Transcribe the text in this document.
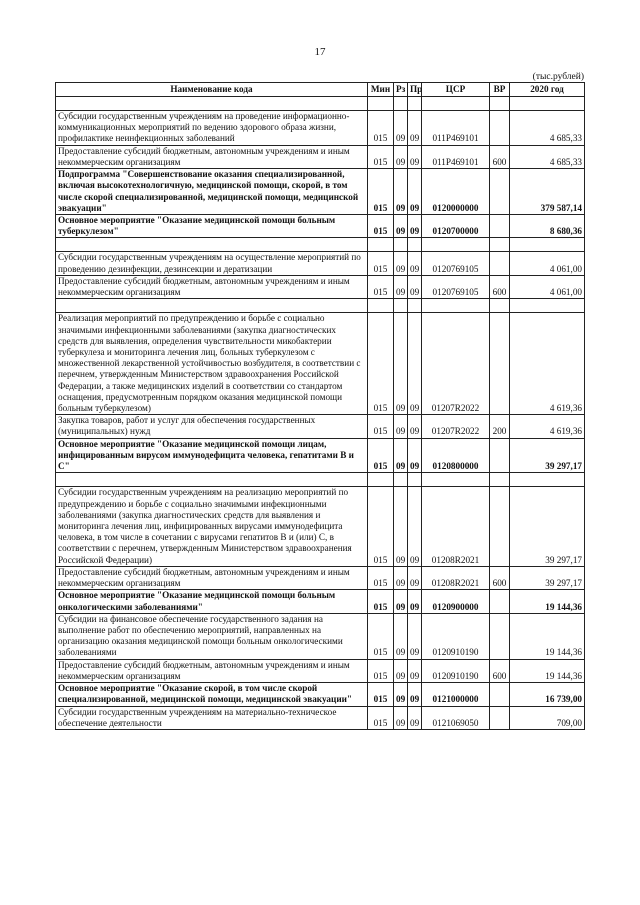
17
(тыс.рублей)
Наименование кода	Мин	Рз	Пр	ЦСР	ВР	2020 год

Субсидии государственным учреждениям на проведение информационно-коммуникационных мероприятий по ведению здорового образа жизни, профилактике неинфекционных заболеваний	015	09	09	011Р469101		4 685,33
Предоставление субсидий бюджетным, автономным учреждениям и иным некоммерческим организациям	015	09	09	011Р469101	600	4 685,33
Подпрограмма "Совершенствование оказания специализированной, включая высокотехнологичную, медицинской помощи, скорой, в том числе скорой специализированной, медицинской помощи, медицинской эвакуации"	015	09	09	0120000000		379 587,14
Основное мероприятие "Оказание медицинской помощи больным туберкулезом"	015	09	09	0120700000		8 680,36

Субсидии государственным учреждениям на осуществление мероприятий по проведению дезинфекции, дезинсекции и дератизации	015	09	09	0120769105		4 061,00
Предоставление субсидий бюджетным, автономным учреждениям и иным некоммерческим организациям	015	09	09	0120769105	600	4 061,00

Реализация мероприятий по предупреждению и борьбе с социально значимыми инфекционными заболеваниями (закупка диагностических средств для выявления, определения чувствительности микобактерии туберкулеза и мониторинга лечения лиц, больных туберкулезом с множественной лекарственной устойчивостью возбудителя, в соответствии с перечнем, утвержденным Министерством здравоохранения Российской Федерации, а также медицинских изделий в соответствии со стандартом оснащения, предусмотренным порядком оказания медицинской помощи больным туберкулезом)	015	09	09	01207R2022		4 619,36
Закупка товаров, работ и услуг для обеспечения государственных (муниципальных) нужд	015	09	09	01207R2022	200	4 619,36
Основное мероприятие "Оказание медицинской помощи лицам, инфицированным вирусом иммунодефицита человека, гепатитами В и С"	015	09	09	0120800000		39 297,17

Субсидии государственным учреждениям на реализацию мероприятий по предупреждению и борьбе с социально значимыми инфекционными заболеваниями (закупка диагностических средств для выявления и мониторинга лечения лиц, инфицированных вирусами иммунодефицита человека, в том числе в сочетании с вирусами гепатитов В и (или) С, в соответствии с перечнем, утвержденным Министерством здравоохранения Российской Федерации)	015	09	09	01208R2021		39 297,17
Предоставление субсидий бюджетным, автономным учреждениям и иным некоммерческим организациям	015	09	09	01208R2021	600	39 297,17
Основное мероприятие "Оказание медицинской помощи больным онкологическими заболеваниями"	015	09	09	0120900000		19 144,36
Субсидии на финансовое обеспечение государственного задания на выполнение работ по обеспечению мероприятий, направленных на организацию оказания медицинской помощи больным онкологическими заболеваниями	015	09	09	0120910190		19 144,36
Предоставление субсидий бюджетным, автономным учреждениям и иным некоммерческим организациям	015	09	09	0120910190	600	19 144,36
Основное мероприятие "Оказание скорой, в том числе скорой специализированной, медицинской помощи, медицинской эвакуации"	015	09	09	0121000000		16 739,00
Субсидии государственным учреждениям на материально-техническое обеспечение деятельности	015	09	09	0121069050		709,00
